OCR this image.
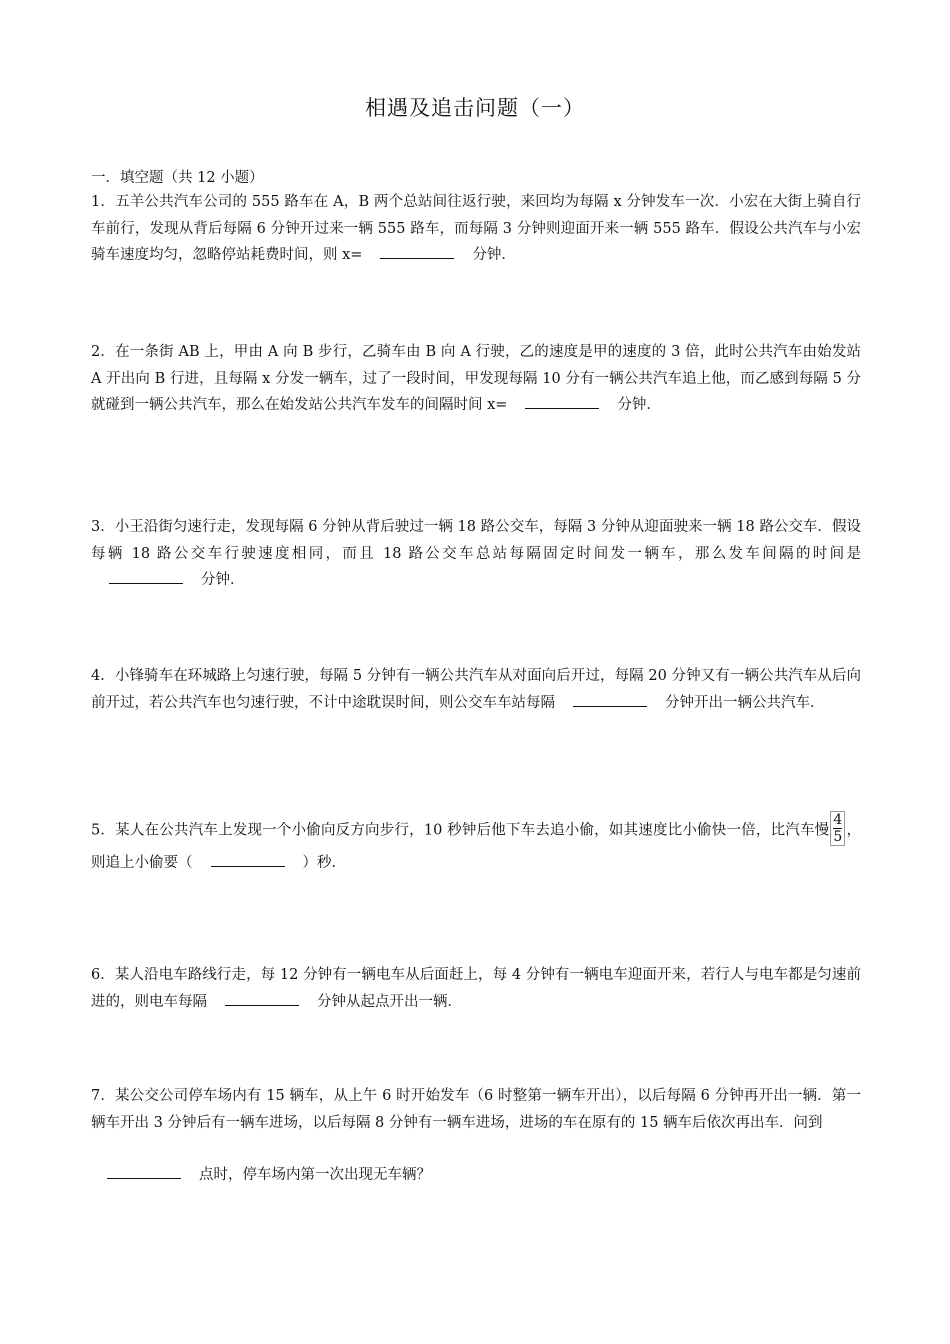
相遇及追击问题（一）
一．填空题（共 12 小题）
1．五羊公共汽车公司的 555 路车在 A，B 两个总站间往返行驶，来回均为每隔 x 分钟发车一次．小宏在大街上骑自行车前行，发现从背后每隔 6 分钟开过来一辆 555 路车，而每隔 3 分钟则迎面开来一辆 555 路车．假设公共汽车与小宏骑车速度均匀，忽略停站耗费时间，则 x=	分钟．
2．在一条街 AB 上，甲由 A 向 B 步行，乙骑车由 B 向 A 行驶，乙的速度是甲的速度的 3 倍，此时公共汽车由始发站 A 开出向 B 行进，且每隔 x 分发一辆车，过了一段时间，甲发现每隔 10 分有一辆公共汽车追上他，而乙感到每隔 5 分就碰到一辆公共汽车，那么在始发站公共汽车发车的间隔时间 x=	分钟．
3．小王沿街匀速行走，发现每隔 6 分钟从背后驶过一辆 18 路公交车，每隔 3 分钟从迎面驶来一辆 18 路公交车．假设每辆 18 路公交车行驶速度相同，而且 18 路公交车总站每隔固定时间发一辆车，那么发车间隔的时间是分钟．
4．小锋骑车在环城路上匀速行驶，每隔 5 分钟有一辆公共汽车从对面向后开过，每隔 20 分钟又有一辆公共汽车从后向前开过，若公共汽车也匀速行驶，不计中途耽误时间，则公交车车站每隔	分钟开出一辆公共汽车．
5．某人在公共汽车上发现一个小偷向反方向步行，10 秒钟后他下车去追小偷，如其速度比小偷快一倍，比汽车慢 $\frac{4}{5}$ ，则追上小偷要（	）秒．
6．某人沿电车路线行走，每 12 分钟有一辆电车从后面赶上，每 4 分钟有一辆电车迎面开来，若行人与电车都是匀速前进的，则电车每隔	分钟从起点开出一辆．
7．某公交公司停车场内有 15 辆车，从上午 6 时开始发车（6 时整第一辆车开出），以后每隔 6 分钟再开出一辆．第一辆车开出 3 分钟后有一辆车进场，以后每隔 8 分钟有一辆车进场，进场的车在原有的 15 辆车后依次再出车．问到
点时，停车场内第一次出现无车辆？
